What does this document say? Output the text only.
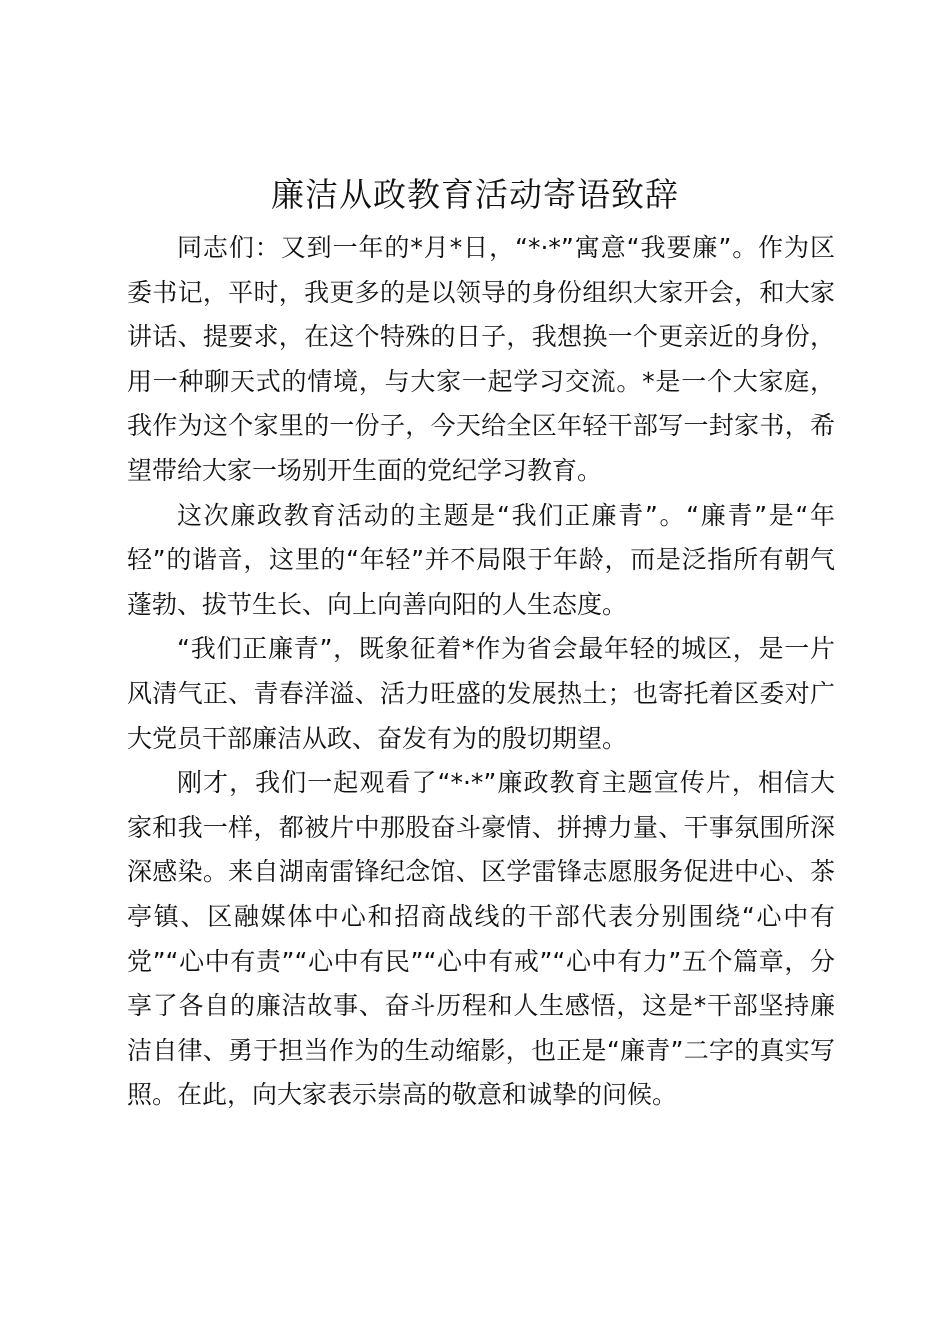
廉洁从政教育活动寄语致辞

同志们：又到一年的*月*日，“*·*”寓意“我要廉”。作为区委书记，平时，我更多的是以领导的身份组织大家开会，和大家讲话、提要求，在这个特殊的日子，我想换一个更亲近的身份，用一种聊天式的情境，与大家一起学习交流。*是一个大家庭，我作为这个家里的一份子，今天给全区年轻干部写一封家书，希望带给大家一场别开生面的党纪学习教育。

这次廉政教育活动的主题是“我们正廉青”。“廉青”是“年轻”的谐音，这里的“年轻”并不局限于年龄，而是泛指所有朝气蓬勃、拔节生长、向上向善向阳的人生态度。

“我们正廉青”，既象征着*作为省会最年轻的城区，是一片风清气正、青春洋溢、活力旺盛的发展热土；也寄托着区委对广大党员干部廉洁从政、奋发有为的殷切期望。

刚才，我们一起观看了“*·*”廉政教育主题宣传片，相信大家和我一样，都被片中那股奋斗豪情、拼搏力量、干事氛围所深深感染。来自湖南雷锋纪念馆、区学雷锋志愿服务促进中心、茶亭镇、区融媒体中心和招商战线的干部代表分别围绕“心中有党”“心中有责”“心中有民”“心中有戒”“心中有力”五个篇章，分享了各自的廉洁故事、奋斗历程和人生感悟，这是*干部坚持廉洁自律、勇于担当作为的生动缩影，也正是“廉青”二字的真实写照。在此，向大家表示崇高的敬意和诚挚的问候。
